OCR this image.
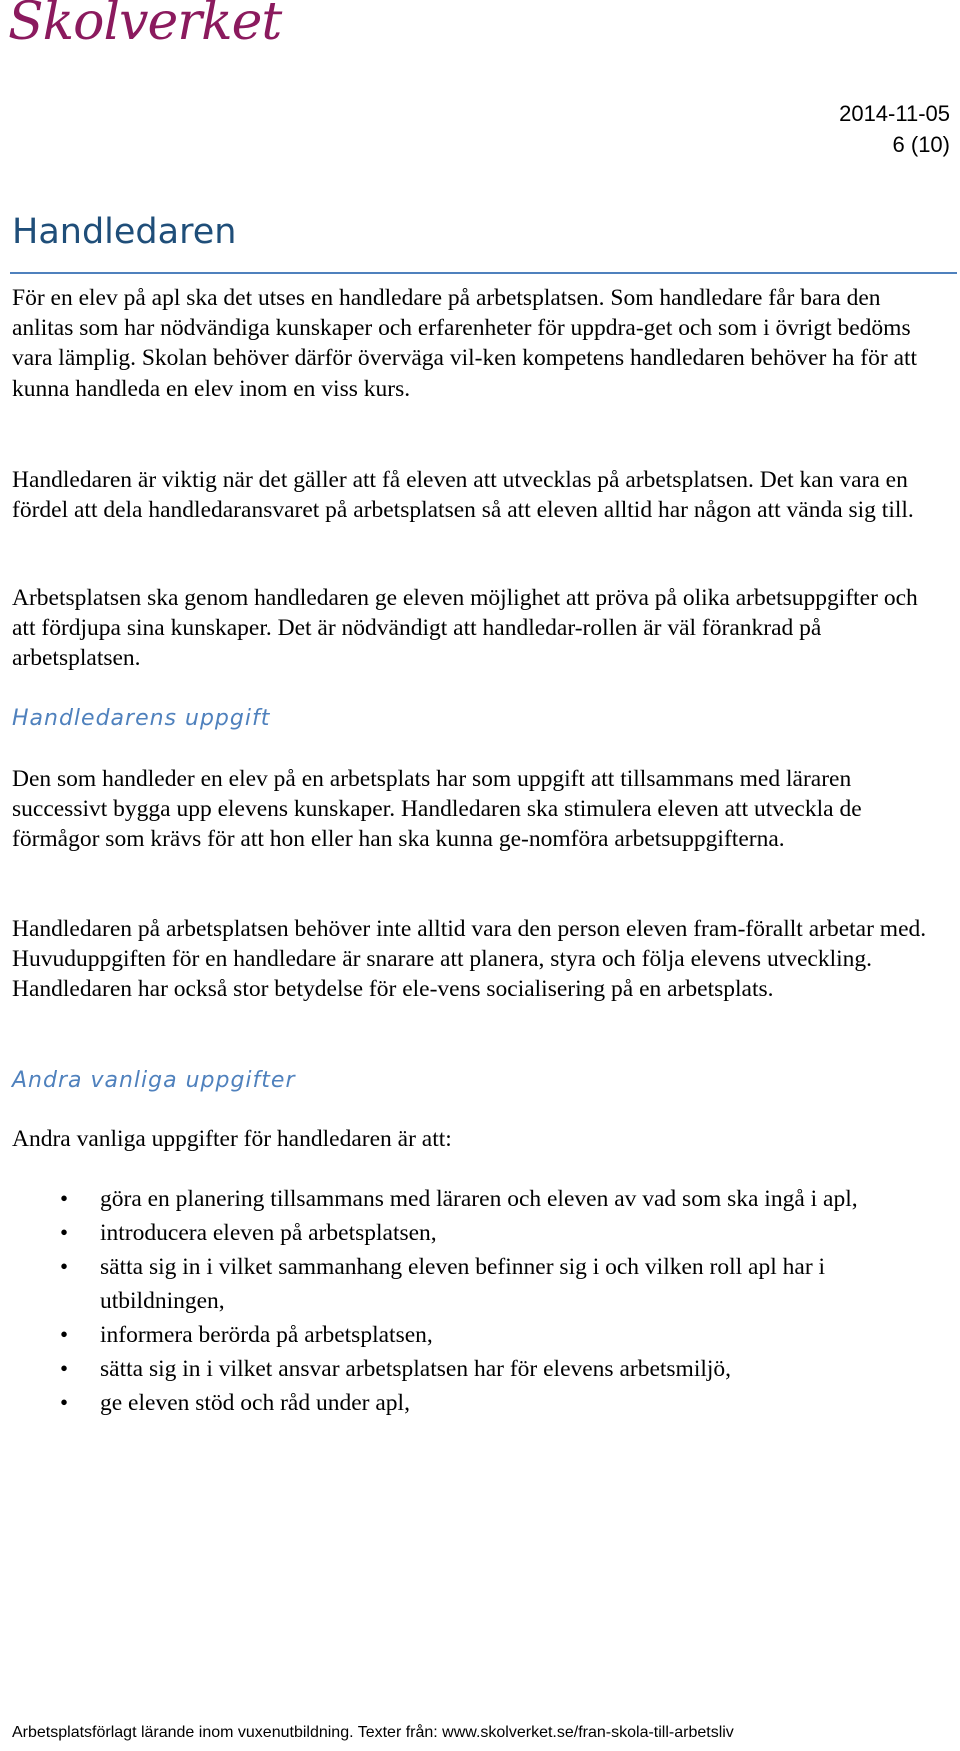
Skolverket
2014-11-05
6 (10)
Handledaren

För en elev på apl ska det utses en handledare på arbetsplatsen. Som handledare får bara den anlitas som har nödvändiga kunskaper och erfarenheter för uppdra-get och som i övrigt bedöms vara lämplig. Skolan behöver därför överväga vil-ken kompetens handledaren behöver ha för att kunna handleda en elev inom en viss kurs.

Handledaren är viktig när det gäller att få eleven att utvecklas på arbetsplatsen. Det kan vara en fördel att dela handledaransvaret på arbetsplatsen så att eleven alltid har någon att vända sig till.

Arbetsplatsen ska genom handledaren ge eleven möjlighet att pröva på olika arbetsuppgifter och att fördjupa sina kunskaper. Det är nödvändigt att handledar-rollen är väl förankrad på arbetsplatsen.

Handledarens uppgift

Den som handleder en elev på en arbetsplats har som uppgift att tillsammans med läraren successivt bygga upp elevens kunskaper. Handledaren ska stimulera eleven att utveckla de förmågor som krävs för att hon eller han ska kunna ge-nomföra arbetsuppgifterna.

Handledaren på arbetsplatsen behöver inte alltid vara den person eleven fram-förallt arbetar med. Huvuduppgiften för en handledare är snarare att planera, styra och följa elevens utveckling. Handledaren har också stor betydelse för ele-vens socialisering på en arbetsplats.

Andra vanliga uppgifter

Andra vanliga uppgifter för handledaren är att:

• göra en planering tillsammans med läraren och eleven av vad som ska ingå i apl,
• introducera eleven på arbetsplatsen,
• sätta sig in i vilket sammanhang eleven befinner sig i och vilken roll apl har i utbildningen,
• informera berörda på arbetsplatsen,
• sätta sig in i vilket ansvar arbetsplatsen har för elevens arbetsmiljö,
• ge eleven stöd och råd under apl,
Arbetsplatsförlagt lärande inom vuxenutbildning. Texter från: www.skolverket.se/fran-skola-till-arbetsliv
